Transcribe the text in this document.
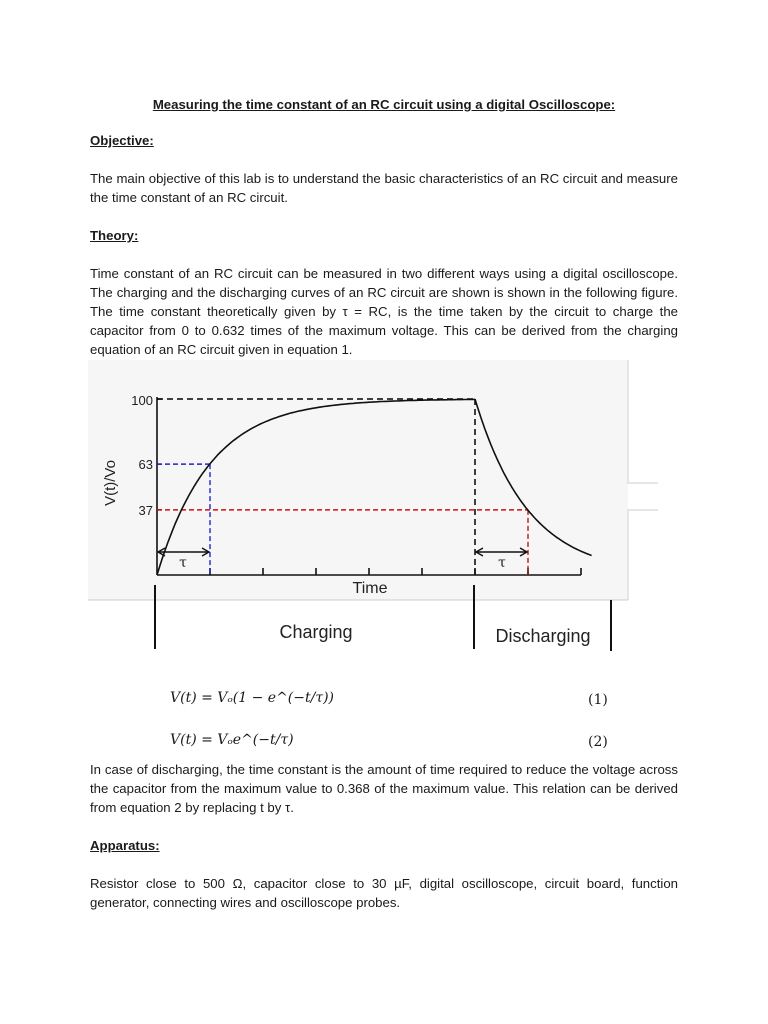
Measuring the time constant of an RC circuit using a digital Oscilloscope:
Objective:
The main objective of this lab is to understand the basic characteristics of an RC circuit and measure the time constant of an RC circuit.
Theory:
Time constant of an RC circuit can be measured in two different ways using a digital oscilloscope. The charging and the discharging curves of an RC circuit are shown is shown in the following figure. The time constant theoretically given by τ = RC, is the time taken by the circuit to charge the capacitor from 0 to 0.632 times of the maximum voltage. This can be derived from the charging equation of an RC circuit given in equation 1.
100
63
37
V(t)/Vo
Time
τ	τ
Charging	Discharging
V(t) = Vₒ(1 − e^(−t/τ))	(1)
V(t) = Vₒe^(−t/τ)	(2)
In case of discharging, the time constant is the amount of time required to reduce the voltage across the capacitor from the maximum value to 0.368 of the maximum value. This relation can be derived from equation 2 by replacing t by τ.
Apparatus:
Resistor close to 500 Ω, capacitor close to 30 µF, digital oscilloscope, circuit board, function generator, connecting wires and oscilloscope probes.
